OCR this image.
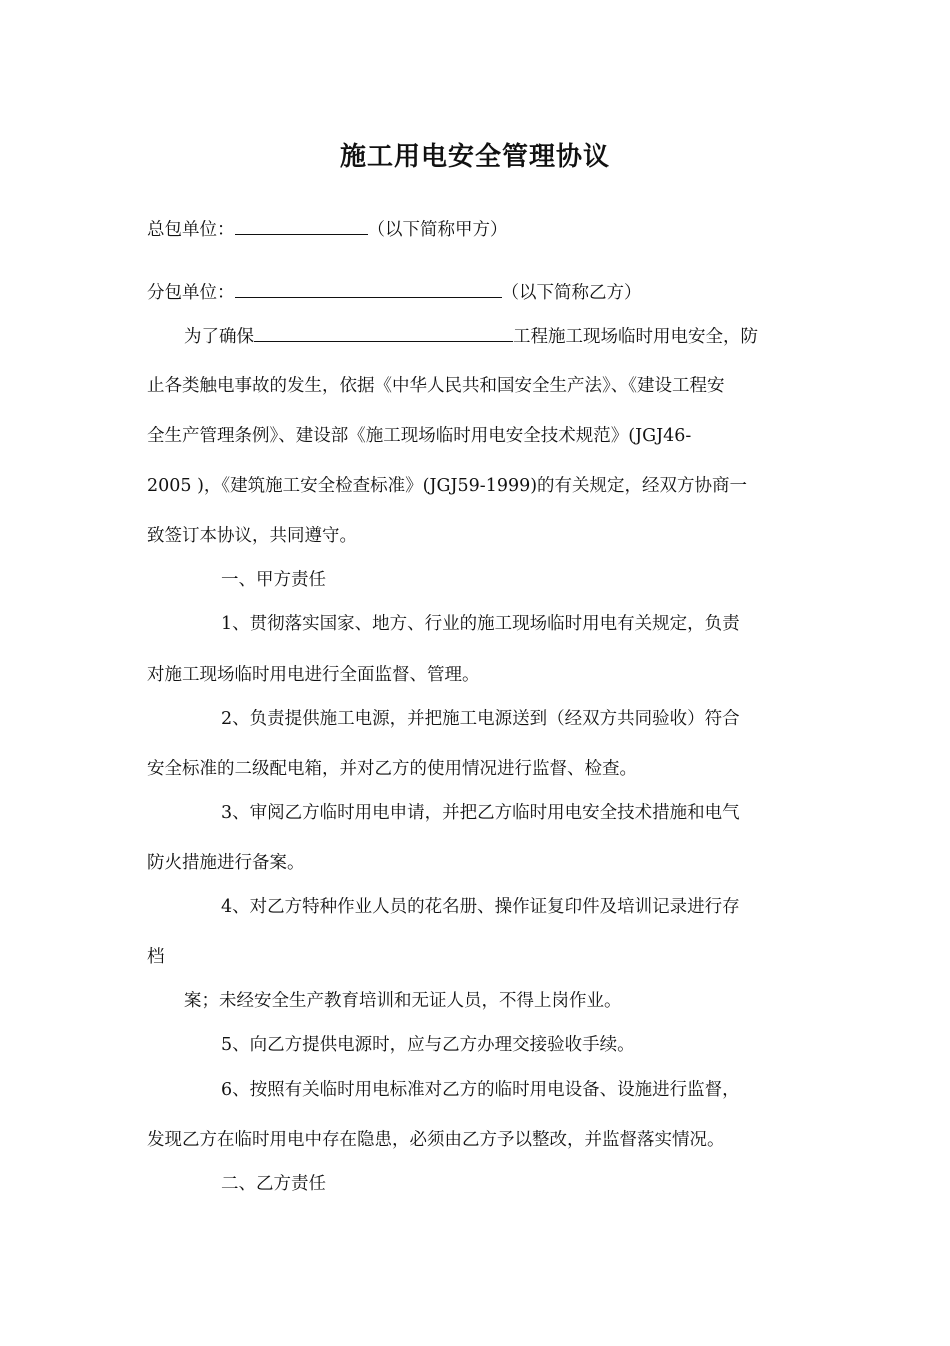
施工用电安全管理协议
总包单位：	（以下简称甲方）
分包单位：	（以下简称乙方）
为了确保	工程施工现场临时用电安全，防
止各类触电事故的发生，依据《中华人民共和国安全生产法》、《建设工程安
全生产管理条例》、建设部《施工现场临时用电安全技术规范》(JGJ46-
2005 )，《建筑施工安全检查标准》(JGJ59-1999)的有关规定，经双方协商一
致签订本协议，共同遵守。
一、甲方责任
1、贯彻落实国家、地方、行业的施工现场临时用电有关规定，负责
对施工现场临时用电进行全面监督、管理。
2、负责提供施工电源，并把施工电源送到（经双方共同验收）符合
安全标准的二级配电箱，并对乙方的使用情况进行监督、检查。
3、审阅乙方临时用电申请，并把乙方临时用电安全技术措施和电气
防火措施进行备案。
4、对乙方特种作业人员的花名册、操作证复印件及培训记录进行存
档
案；未经安全生产教育培训和无证人员，不得上岗作业。
5、向乙方提供电源时，应与乙方办理交接验收手续。
6、按照有关临时用电标准对乙方的临时用电设备、设施进行监督，
发现乙方在临时用电中存在隐患，必须由乙方予以整改，并监督落实情况。
二、乙方责任
